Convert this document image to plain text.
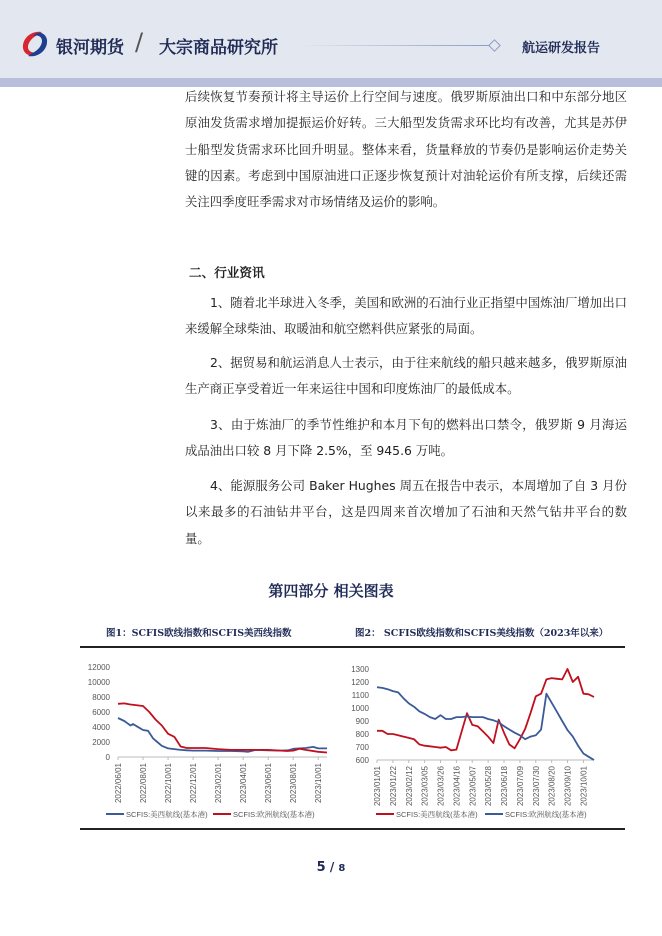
银河期货 / 大宗商品研究所	航运研发报告
后续恢复节奏预计将主导运价上行空间与速度。俄罗斯原油出口和中东部分地区原油发货需求增加提振运价好转。三大船型发货需求环比均有改善，尤其是苏伊士船型发货需求环比回升明显。整体来看，货量释放的节奏仍是影响运价走势关键的因素。考虑到中国原油进口正逐步恢复预计对油轮运价有所支撑，后续还需关注四季度旺季需求对市场情绪及运价的影响。
二、行业资讯
1、随着北半球进入冬季，美国和欧洲的石油行业正指望中国炼油厂增加出口来缓解全球柴油、取暖油和航空燃料供应紧张的局面。
2、据贸易和航运消息人士表示，由于往来航线的船只越来越多，俄罗斯原油生产商正享受着近一年来运往中国和印度炼油厂的最低成本。
3、由于炼油厂的季节性维护和本月下旬的燃料出口禁令，俄罗斯 9 月海运成品油出口较 8 月下降 2.5%，至 945.6 万吨。
4、能源服务公司 Baker Hughes 周五在报告中表示，本周增加了自 3 月份以来最多的石油钻井平台，这是四周来首次增加了石油和天然气钻井平台的数量。
第四部分 相关图表
图1：SCFIS欧线指数和SCFIS美西线指数	图2： SCFIS欧线指数和SCFIS美线指数（2023年以来）
12000
10000
8000
6000
4000
2000
0
2022/06/01 2022/08/01 2022/10/01 2022/12/01 2023/02/01 2023/04/01 2023/06/01 2023/08/01 2023/10/01
SCFIS:美西航线(基本港)	SCFIS:欧洲航线(基本港)
1300
1200
1100
1000
900
800
700
600
2023/01/01 2023/01/22 2023/02/12 2023/03/05 2023/03/26 2023/04/16 2023/05/07 2023/05/28 2023/06/18 2023/07/09 2023/07/30 2023/08/20 2023/09/10 2023/10/01
SCFIS:美西航线(基本港)	SCFIS:欧洲航线(基本港)
5 / 8
